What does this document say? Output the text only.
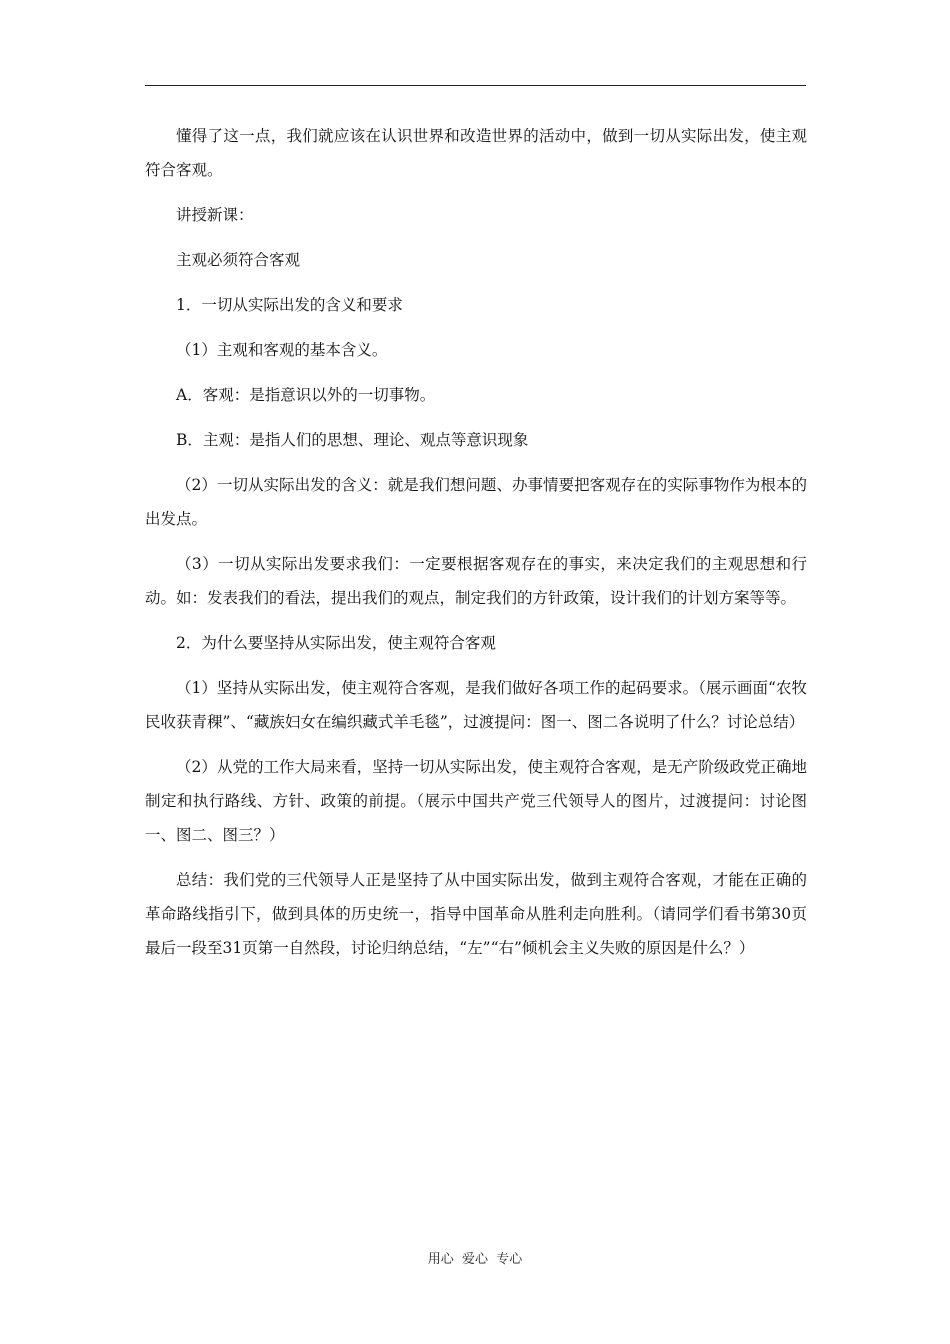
懂得了这一点，我们就应该在认识世界和改造世界的活动中，做到一切从实际出发，使主观符合客观。

讲授新课：

主观必须符合客观

1．一切从实际出发的含义和要求

（1）主观和客观的基本含义。

A．客观：是指意识以外的一切事物。

B．主观：是指人们的思想、理论、观点等意识现象

（2）一切从实际出发的含义：就是我们想问题、办事情要把客观存在的实际事物作为根本的出发点。

（3）一切从实际出发要求我们：一定要根据客观存在的事实，来决定我们的主观思想和行动。如：发表我们的看法，提出我们的观点，制定我们的方针政策，设计我们的计划方案等等。

2．为什么要坚持从实际出发，使主观符合客观

（1）坚持从实际出发，使主观符合客观，是我们做好各项工作的起码要求。（展示画面“农牧民收获青稞”、“藏族妇女在编织藏式羊毛毯”，过渡提问：图一、图二各说明了什么？讨论总结）

（2）从党的工作大局来看，坚持一切从实际出发，使主观符合客观，是无产阶级政党正确地制定和执行路线、方针、政策的前提。（展示中国共产党三代领导人的图片，过渡提问：讨论图一、图二、图三？）

总结：我们党的三代领导人正是坚持了从中国实际出发，做到主观符合客观，才能在正确的革命路线指引下，做到具体的历史统一，指导中国革命从胜利走向胜利。（请同学们看书第30页最后一段至31页第一自然段，讨论归纳总结，“左”“右”倾机会主义失败的原因是什么？）

用心  爱心  专心
